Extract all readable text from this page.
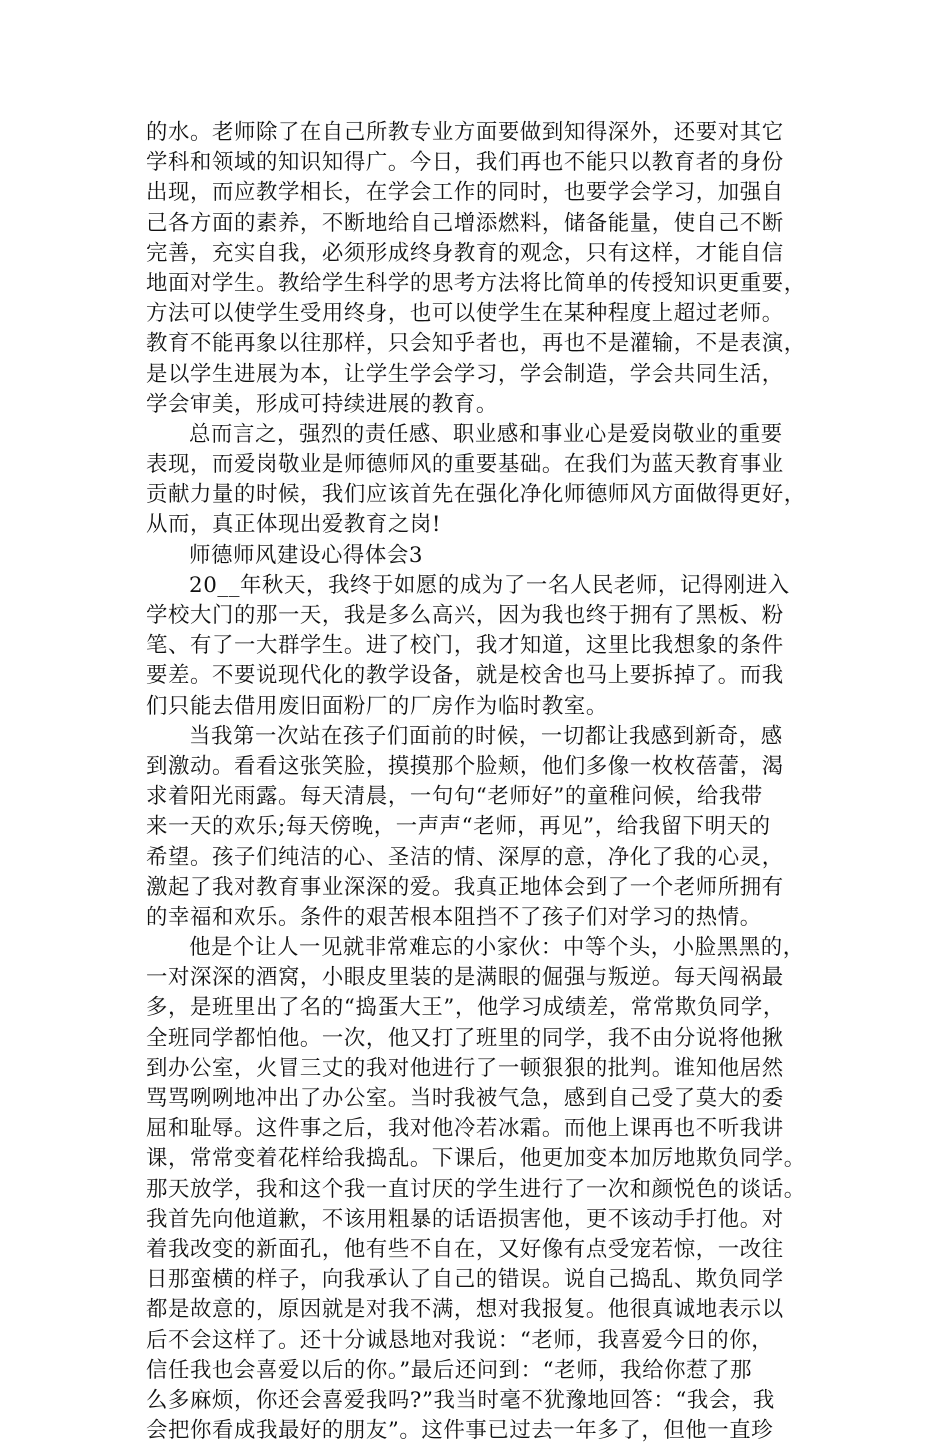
的水。老师除了在自己所教专业方面要做到知得深外，还要对其它
学科和领域的知识知得广。今日，我们再也不能只以教育者的身份
出现，而应教学相长，在学会工作的同时，也要学会学习，加强自
己各方面的素养，不断地给自己增添燃料，储备能量，使自己不断
完善，充实自我，必须形成终身教育的观念，只有这样，才能自信
地面对学生。教给学生科学的思考方法将比简单的传授知识更重要，
方法可以使学生受用终身，也可以使学生在某种程度上超过老师。
教育不能再象以往那样，只会知乎者也，再也不是灌输，不是表演，
是以学生进展为本，让学生学会学习，学会制造，学会共同生活，
学会审美，形成可持续进展的教育。
总而言之，强烈的责任感、职业感和事业心是爱岗敬业的重要
表现，而爱岗敬业是师德师风的重要基础。在我们为蓝天教育事业
贡献力量的时候，我们应该首先在强化净化师德师风方面做得更好，
从而，真正体现出爱教育之岗!
师德师风建设心得体会3
20__年秋天，我终于如愿的成为了一名人民老师，记得刚进入
学校大门的那一天，我是多么高兴，因为我也终于拥有了黑板、粉
笔、有了一大群学生。进了校门，我才知道，这里比我想象的条件
要差。不要说现代化的教学设备，就是校舍也马上要拆掉了。而我
们只能去借用废旧面粉厂的厂房作为临时教室。
当我第一次站在孩子们面前的时候，一切都让我感到新奇，感
到激动。看看这张笑脸，摸摸那个脸颊，他们多像一枚枚蓓蕾，渴
求着阳光雨露。每天清晨，一句句“老师好”的童稚问候，给我带
来一天的欢乐;每天傍晚，一声声“老师，再见”，给我留下明天的
希望。孩子们纯洁的心、圣洁的情、深厚的意，净化了我的心灵，
激起了我对教育事业深深的爱。我真正地体会到了一个老师所拥有
的幸福和欢乐。条件的艰苦根本阻挡不了孩子们对学习的热情。
他是个让人一见就非常难忘的小家伙：中等个头，小脸黑黑的，
一对深深的酒窝，小眼皮里装的是满眼的倔强与叛逆。每天闯祸最
多，是班里出了名的“捣蛋大王”，他学习成绩差，常常欺负同学，
全班同学都怕他。一次，他又打了班里的同学，我不由分说将他揪
到办公室，火冒三丈的我对他进行了一顿狠狠的批判。谁知他居然
骂骂咧咧地冲出了办公室。当时我被气急，感到自己受了莫大的委
屈和耻辱。这件事之后，我对他冷若冰霜。而他上课再也不听我讲
课，常常变着花样给我捣乱。下课后，他更加变本加厉地欺负同学。
那天放学，我和这个我一直讨厌的学生进行了一次和颜悦色的谈话。
我首先向他道歉，不该用粗暴的话语损害他，更不该动手打他。对
着我改变的新面孔，他有些不自在，又好像有点受宠若惊，一改往
日那蛮横的样子，向我承认了自己的错误。说自己捣乱、欺负同学
都是故意的，原因就是对我不满，想对我报复。他很真诚地表示以
后不会这样了。还十分诚恳地对我说：“老师，我喜爱今日的你，
信任我也会喜爱以后的你。”最后还问到：“老师，我给你惹了那
么多麻烦，你还会喜爱我吗?”我当时毫不犹豫地回答：“我会，我
会把你看成我最好的朋友”。这件事已过去一年多了，但他一直珍
